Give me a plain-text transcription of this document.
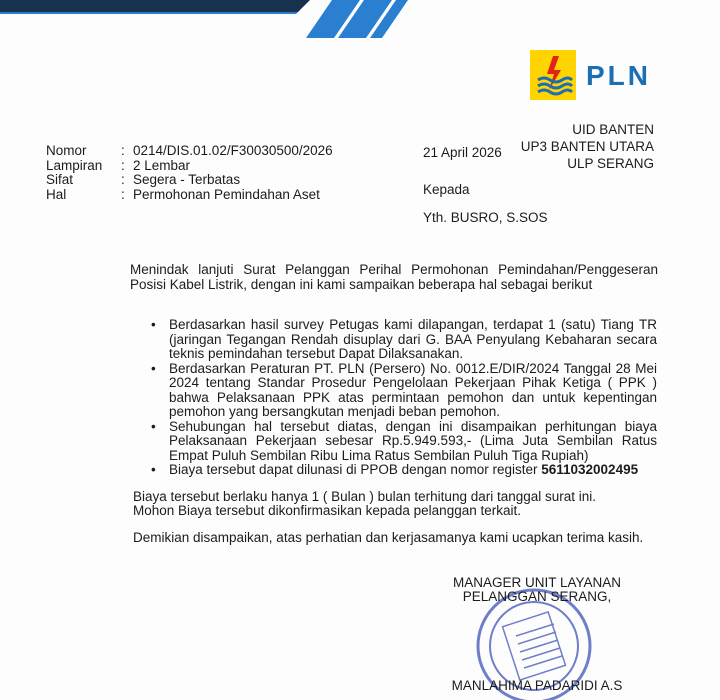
PLN
UID BANTEN
UP3 BANTEN UTARA
ULP SERANG
Nomor	: 0214/DIS.01.02/F30030500/2026
Lampiran	: 2 Lembar
Sifat	: Segera - Terbatas
Hal	: Permohonan Pemindahan Aset
21 April 2026
Kepada
Yth. BUSRO, S.SOS
Menindak lanjuti Surat Pelanggan Perihal Permohonan Pemindahan/Penggeseran Posisi Kabel Listrik, dengan ini kami sampaikan beberapa hal sebagai berikut
• Berdasarkan hasil survey Petugas kami dilapangan, terdapat 1 (satu) Tiang TR (jaringan Tegangan Rendah disuplay dari G. BAA Penyulang Kebaharan secara teknis pemindahan tersebut Dapat Dilaksanakan.
• Berdasarkan Peraturan PT. PLN (Persero) No. 0012.E/DIR/2024 Tanggal 28 Mei 2024 tentang Standar Prosedur Pengelolaan Pekerjaan Pihak Ketiga ( PPK ) bahwa Pelaksanaan PPK atas permintaan pemohon dan untuk kepentingan pemohon yang bersangkutan menjadi beban pemohon.
• Sehubungan hal tersebut diatas, dengan ini disampaikan perhitungan biaya Pelaksanaan Pekerjaan sebesar Rp.5.949.593,- (Lima Juta Sembilan Ratus Empat Puluh Sembilan Ribu Lima Ratus Sembilan Puluh Tiga Rupiah)
• Biaya tersebut dapat dilunasi di PPOB dengan nomor register 5611032002495
Biaya tersebut berlaku hanya 1 ( Bulan ) bulan terhitung dari tanggal surat ini.
Mohon Biaya tersebut dikonfirmasikan kepada pelanggan terkait.
Demikian disampaikan, atas perhatian dan kerjasamanya kami ucapkan terima kasih.
MANAGER UNIT LAYANAN
PELANGGAN SERANG,
MANLAHIMA PADARIDI A.S
